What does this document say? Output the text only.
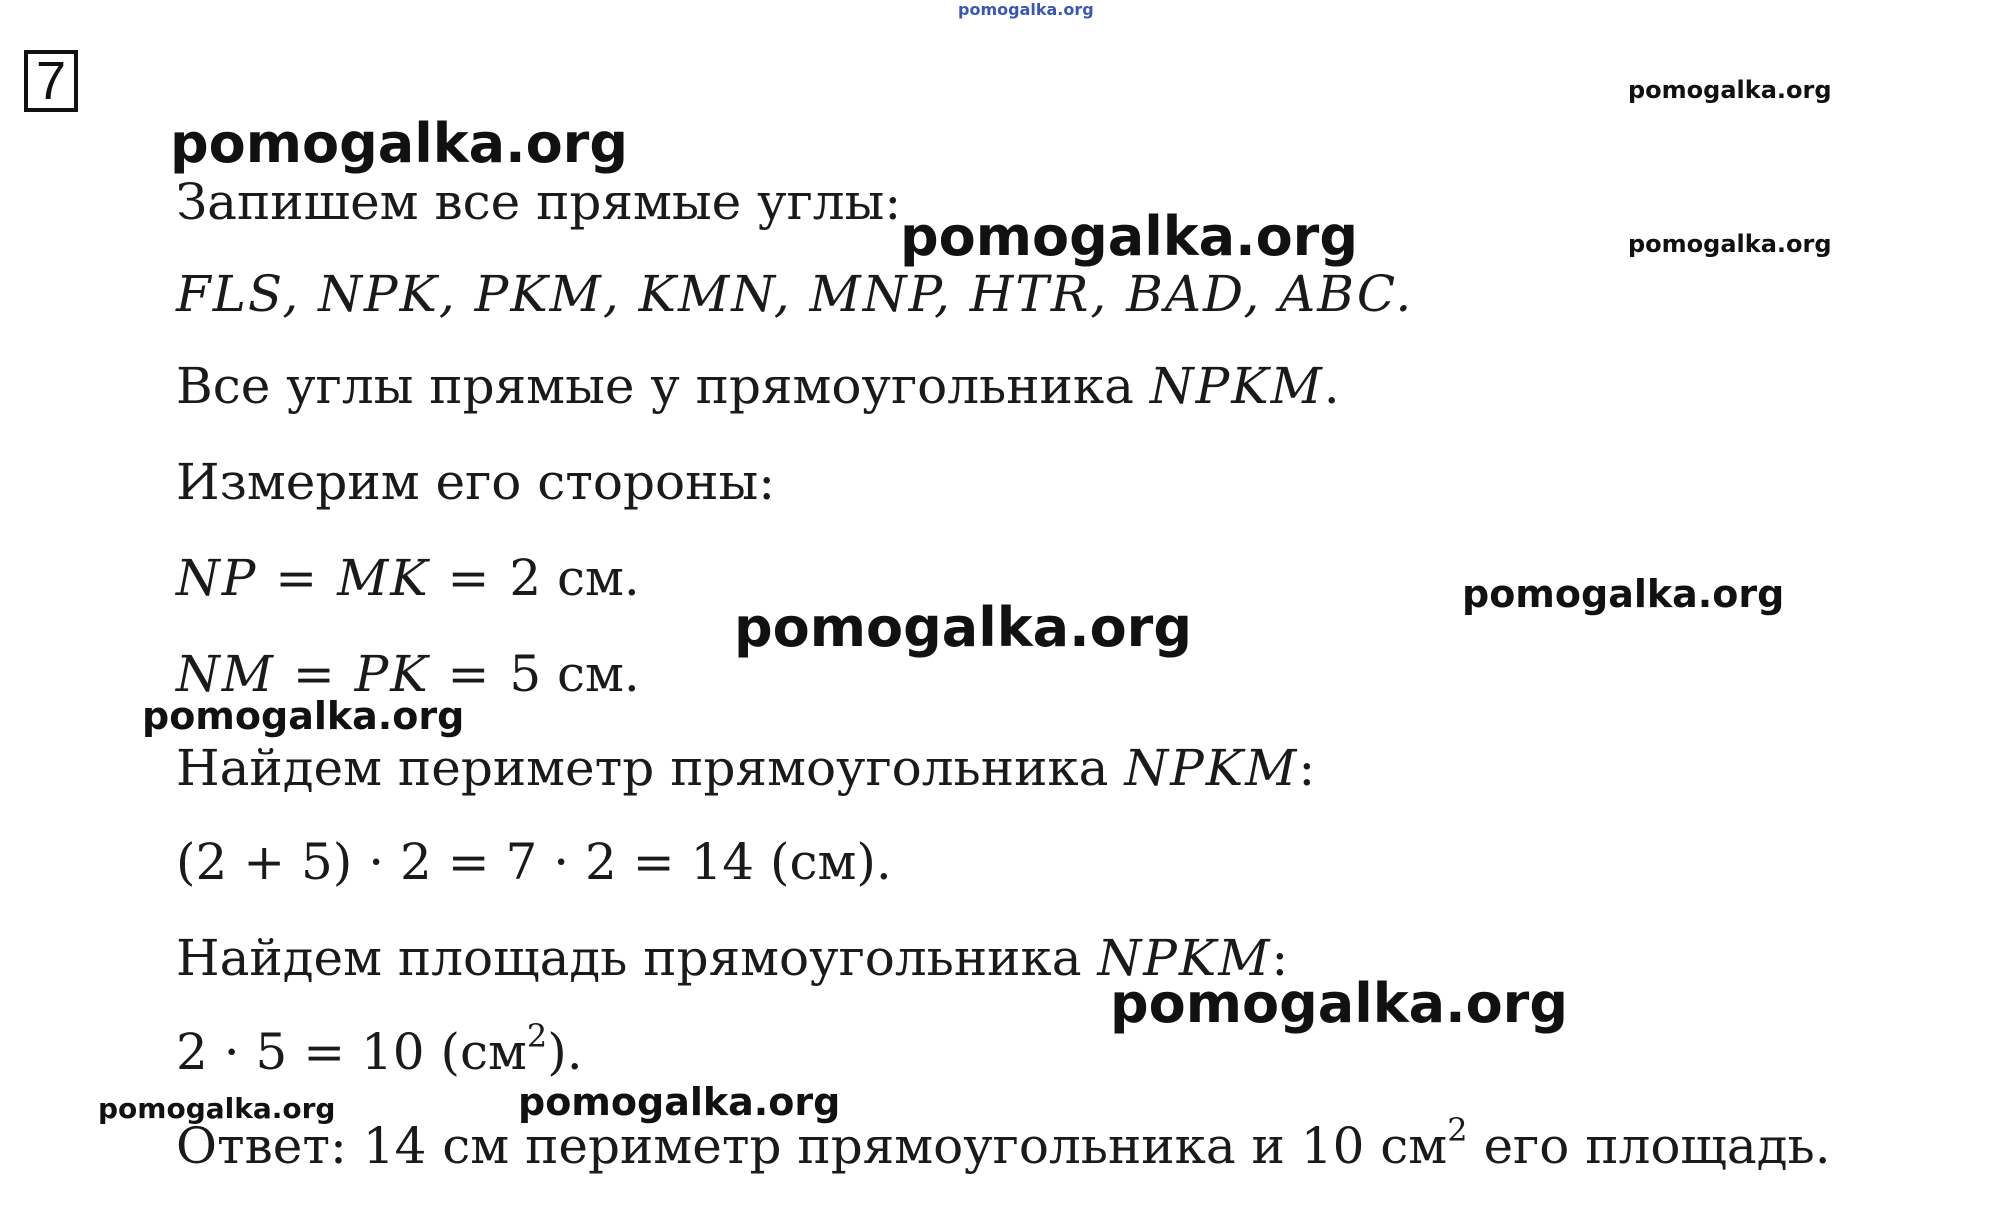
pomogalka.org
7
pomogalka.org
pomogalka.org
pomogalka.org	pomogalka.org
pomogalka.org
pomogalka.org
pomogalka.org
pomogalka.org
pomogalka.org	pomogalka.org
Запишем все прямые углы:
FLS, NPK, PKM, KMN, MNP, HTR, BAD, ABC.
Все углы прямые у прямоугольника NPKM.
Измерим его стороны:
NP = MK = 2 см.
NM = PK = 5 см.
Найдем периметр прямоугольника NPKM:
(2 + 5) · 2 = 7 · 2 = 14 (см).
Найдем площадь прямоугольника NPKM:
2 · 5 = 10 $(см^2)$.
Ответ: 14 см периметр прямоугольника и 10 $см^2$ его площадь.
